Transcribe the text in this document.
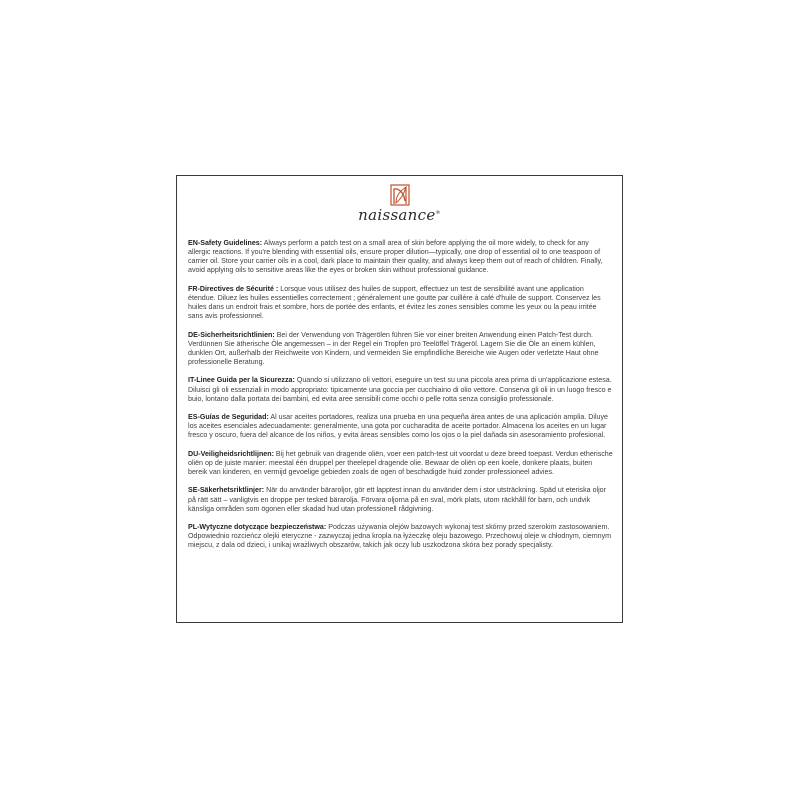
naissance®

EN-Safety Guidelines: Always perform a patch test on a small area of skin before applying the oil more widely, to check for any allergic reactions. If you're blending with essential oils, ensure proper dilution—typically, one drop of essential oil to one teaspoon of carrier oil. Store your carrier oils in a cool, dark place to maintain their quality, and always keep them out of reach of children. Finally, avoid applying oils to sensitive areas like the eyes or broken skin without professional guidance.

FR-Directives de Sécurité : Lorsque vous utilisez des huiles de support, effectuez un test de sensibilité avant une application étendue. Diluez les huiles essentielles correctement ; généralement une goutte par cuillère à café d'huile de support. Conservez les huiles dans un endroit frais et sombre, hors de portée des enfants, et évitez les zones sensibles comme les yeux ou la peau irritée sans avis professionnel.

DE-Sicherheitsrichtlinien: Bei der Verwendung von Trägerölen führen Sie vor einer breiten Anwendung einen Patch-Test durch. Verdünnen Sie ätherische Öle angemessen – in der Regel ein Tropfen pro Teelöffel Trägeröl. Lagern Sie die Öle an einem kühlen, dunklen Ort, außerhalb der Reichweite von Kindern, und vermeiden Sie empfindliche Bereiche wie Augen oder verletzte Haut ohne professionelle Beratung.

IT-Linee Guida per la Sicurezza: Quando si utilizzano oli vettori, eseguire un test su una piccola area prima di un'applicazione estesa. Diluisci gli oli essenziali in modo appropriato: tipicamente una goccia per cucchiaino di olio vettore. Conserva gli oli in un luogo fresco e buio, lontano dalla portata dei bambini, ed evita aree sensibili come occhi o pelle rotta senza consiglio professionale.

ES-Guías de Seguridad: Al usar aceites portadores, realiza una prueba en una pequeña área antes de una aplicación amplia. Diluye los aceites esenciales adecuadamente: generalmente, una gota por cucharadita de aceite portador. Almacena los aceites en un lugar fresco y oscuro, fuera del alcance de los niños, y evita áreas sensibles como los ojos o la piel dañada sin asesoramiento profesional.

DU-Veiligheidsrichtlijnen: Bij het gebruik van dragende oliën, voer een patch-test uit voordat u deze breed toepast. Verdun etherische oliën op de juiste manier: meestal één druppel per theelepel dragende olie. Bewaar de oliën op een koele, donkere plaats, buiten bereik van kinderen, en vermijd gevoelige gebieden zoals de ogen of beschadigde huid zonder professioneel advies.

SE-Säkerhetsriktlinjer: När du använder bäraroljor, gör ett lapptest innan du använder dem i stor utsträckning. Späd ut eteriska oljor på rätt sätt – vanligtvis en droppe per tesked bärarolja. Förvara oljorna på en sval, mörk plats, utom räckhåll för barn, och undvik känsliga områden som ögonen eller skadad hud utan professionell rådgivning.

PL-Wytyczne dotyczące bezpieczeństwa: Podczas używania olejów bazowych wykonaj test skórny przed szerokim zastosowaniem. Odpowiednio rozcieńcz olejki eteryczne - zazwyczaj jedna kropla na łyżeczkę oleju bazowego. Przechowuj oleje w chłodnym, ciemnym miejscu, z dala od dzieci, i unikaj wrażliwych obszarów, takich jak oczy lub uszkodzona skóra bez porady specjalisty.
